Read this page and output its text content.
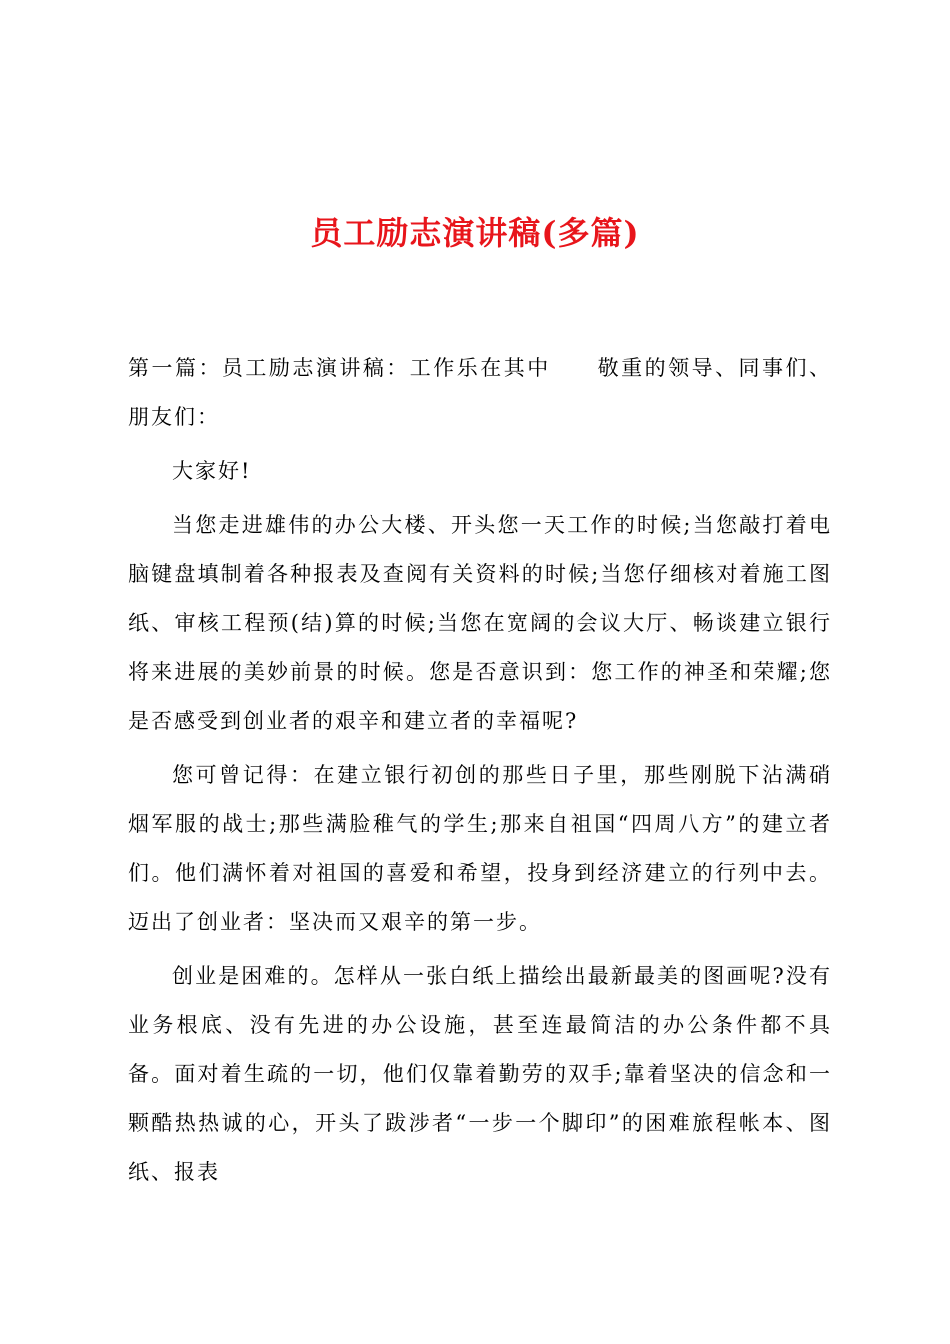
员工励志演讲稿(多篇)

第一篇：员工励志演讲稿：工作乐在其中　　敬重的领导、同事们、朋友们：

大家好!

当您走进雄伟的办公大楼、开头您一天工作的时候;当您敲打着电脑键盘填制着各种报表及查阅有关资料的时候;当您仔细核对着施工图纸、审核工程预(结)算的时候;当您在宽阔的会议大厅、畅谈建立银行将来进展的美妙前景的时候。您是否意识到：您工作的神圣和荣耀;您是否感受到创业者的艰辛和建立者的幸福呢?

您可曾记得：在建立银行初创的那些日子里，那些刚脱下沾满硝烟军服的战士;那些满脸稚气的学生;那来自祖国“四周八方”的建立者们。他们满怀着对祖国的喜爱和希望，投身到经济建立的行列中去。迈出了创业者：坚决而又艰辛的第一步。

创业是困难的。怎样从一张白纸上描绘出最新最美的图画呢?没有业务根底、没有先进的办公设施，甚至连最简洁的办公条件都不具备。面对着生疏的一切，他们仅靠着勤劳的双手;靠着坚决的信念和一颗酷热热诚的心，开头了跋涉者“一步一个脚印”的困难旅程帐本、图纸、报表
